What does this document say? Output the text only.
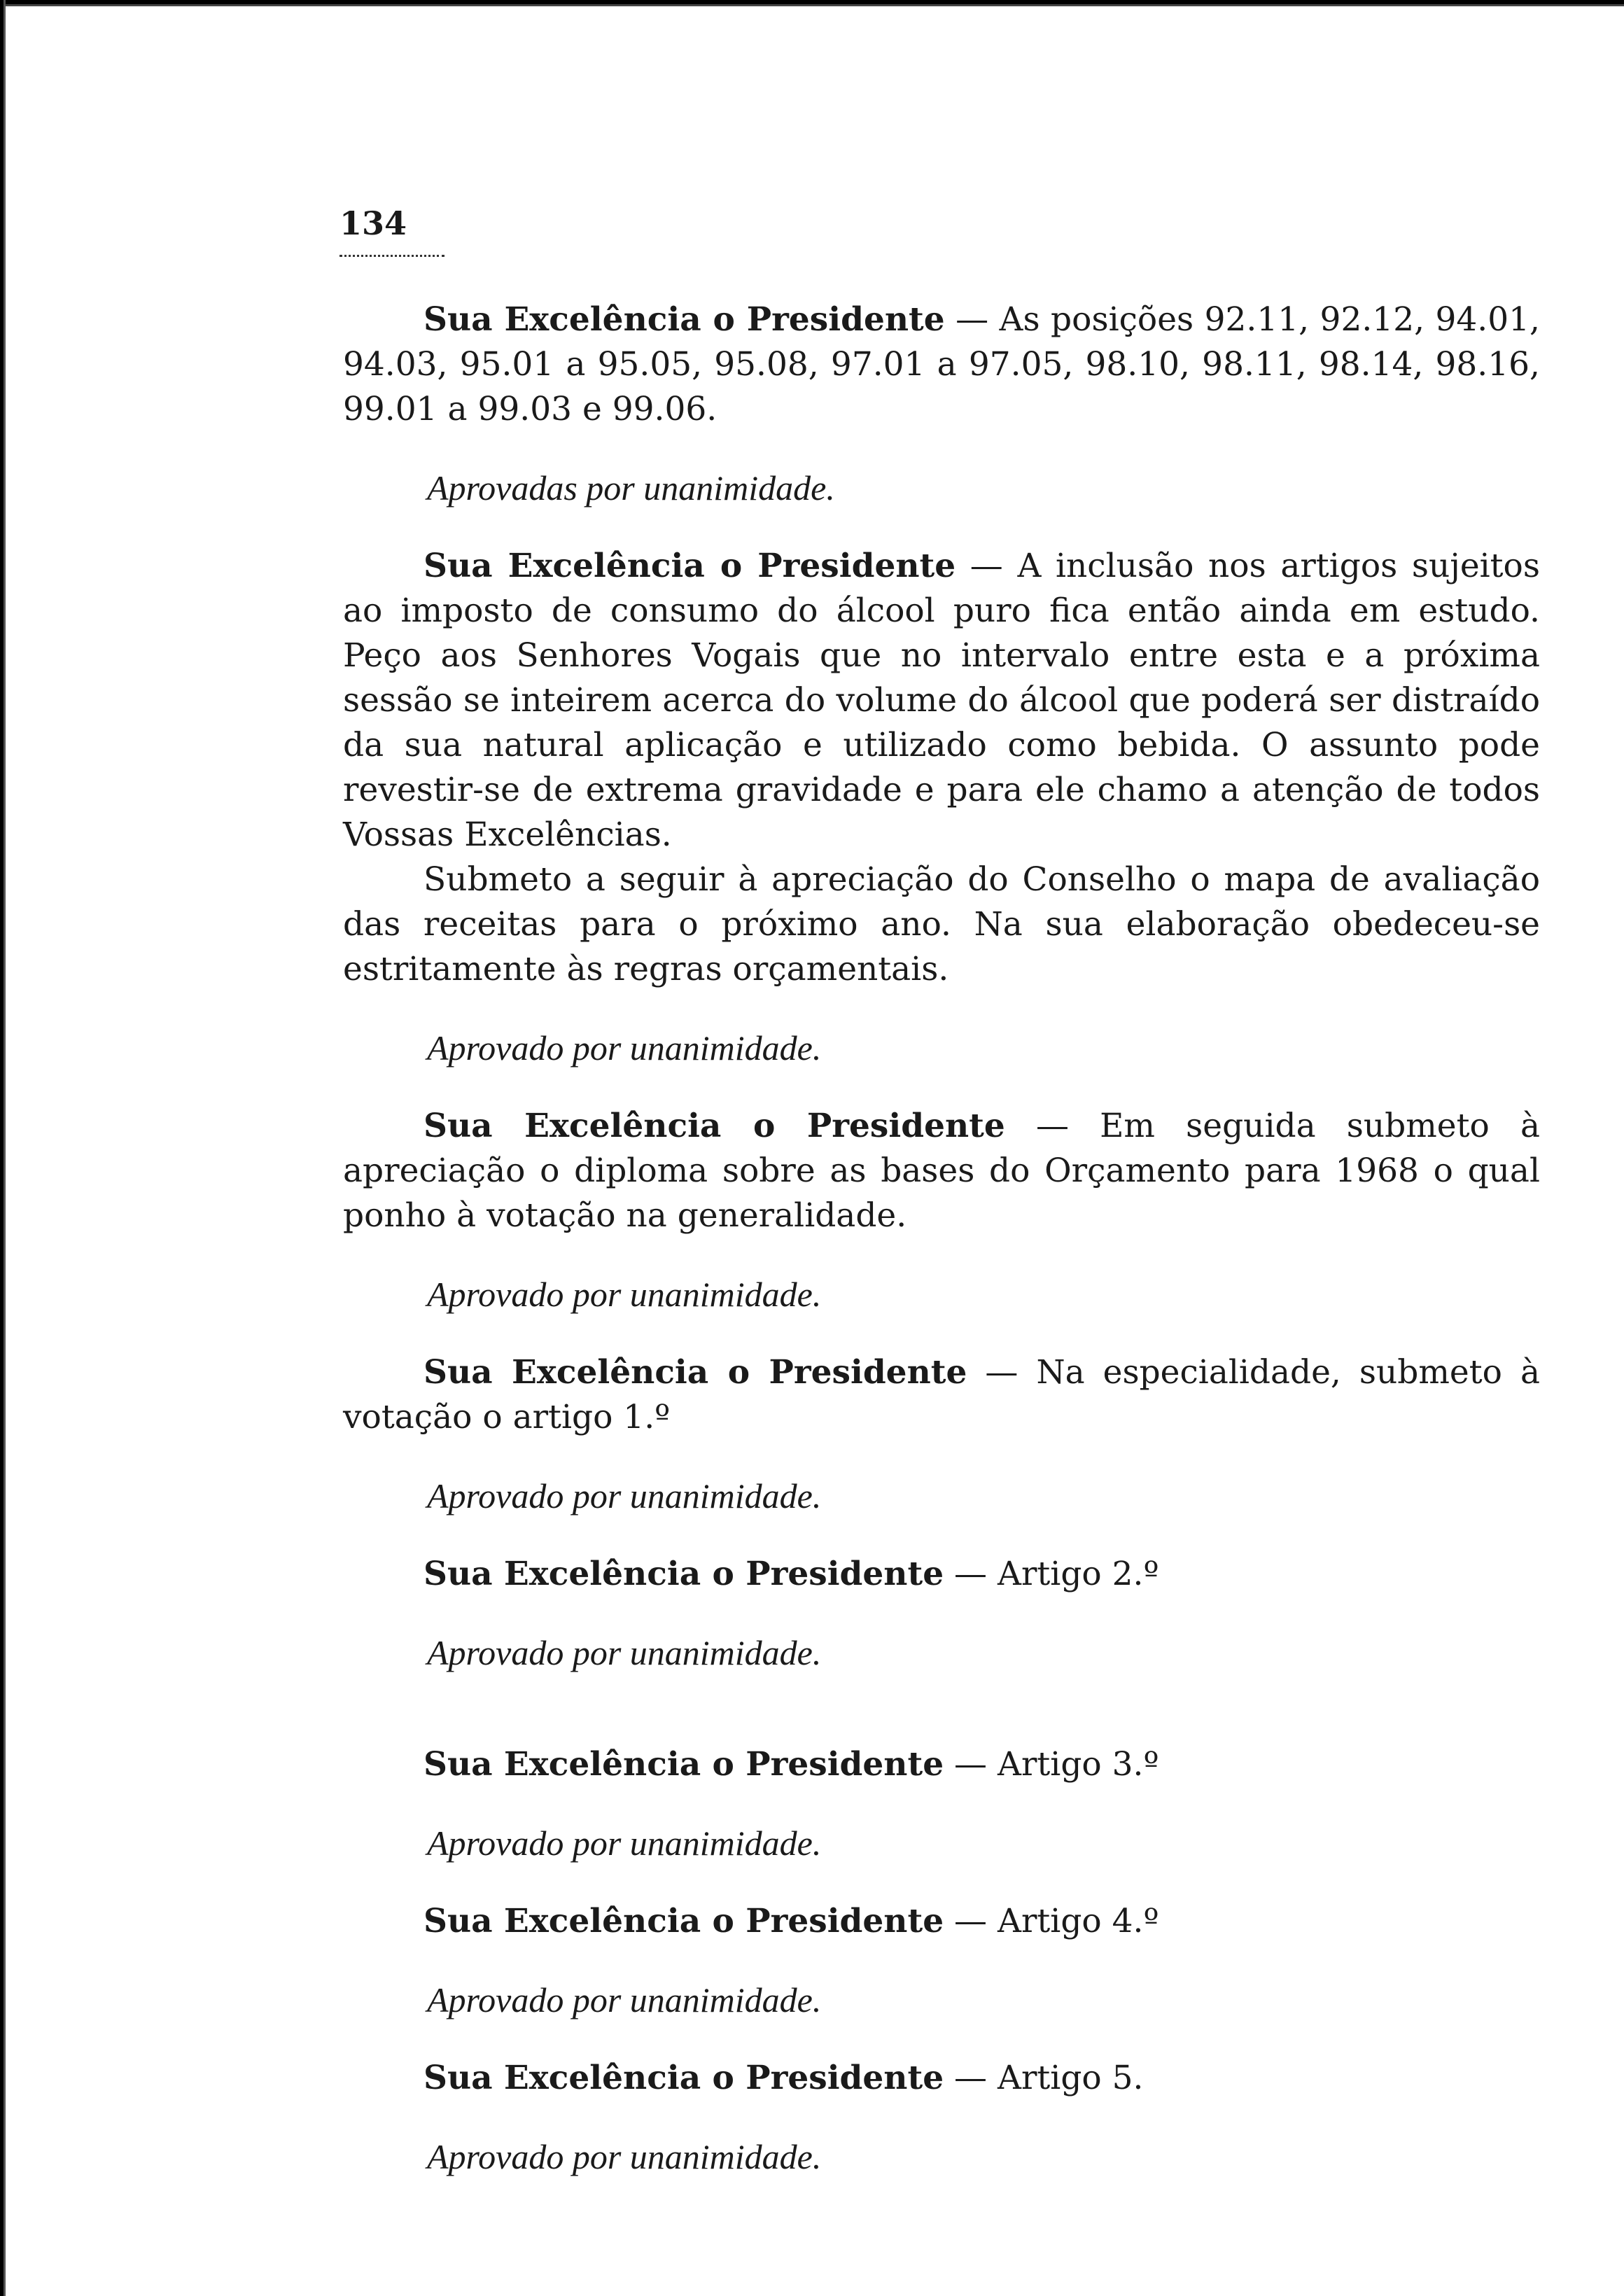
134

Sua Excelência o Presidente — As posições 92.11, 92.12, 94.01, 94.03, 95.01 a 95.05, 95.08, 97.01 a 97.05, 98.10, 98.11, 98.14, 98.16, 99.01 a 99.03 e 99.06.

Aprovadas por unanimidade.

Sua Excelência o Presidente — A inclusão nos artigos sujeitos ao imposto de consumo do álcool puro fica então ainda em estudo. Peço aos Senhores Vogais que no intervalo entre esta e a próxima sessão se inteirem acerca do volume do álcool que poderá ser distraído da sua natural aplicação e utilizado como bebida. O assunto pode revestir-se de extrema gravidade e para ele chamo a atenção de todos Vossas Excelências.

Submeto a seguir à apreciação do Conselho o mapa de avaliação das receitas para o próximo ano. Na sua elaboração obedeceu-se estritamente às regras orçamentais.

Aprovado por unanimidade.

Sua Excelência o Presidente — Em seguida submeto à apreciação o diploma sobre as bases do Orçamento para 1968 o qual ponho à votação na generalidade.

Aprovado por unanimidade.

Sua Excelência o Presidente — Na especialidade, submeto à votação o artigo 1.º

Aprovado por unanimidade.

Sua Excelência o Presidente — Artigo 2.º

Aprovado por unanimidade.

Sua Excelência o Presidente — Artigo 3.º

Aprovado por unanimidade.

Sua Excelência o Presidente — Artigo 4.º

Aprovado por unanimidade.

Sua Excelência o Presidente — Artigo 5.

Aprovado por unanimidade.
